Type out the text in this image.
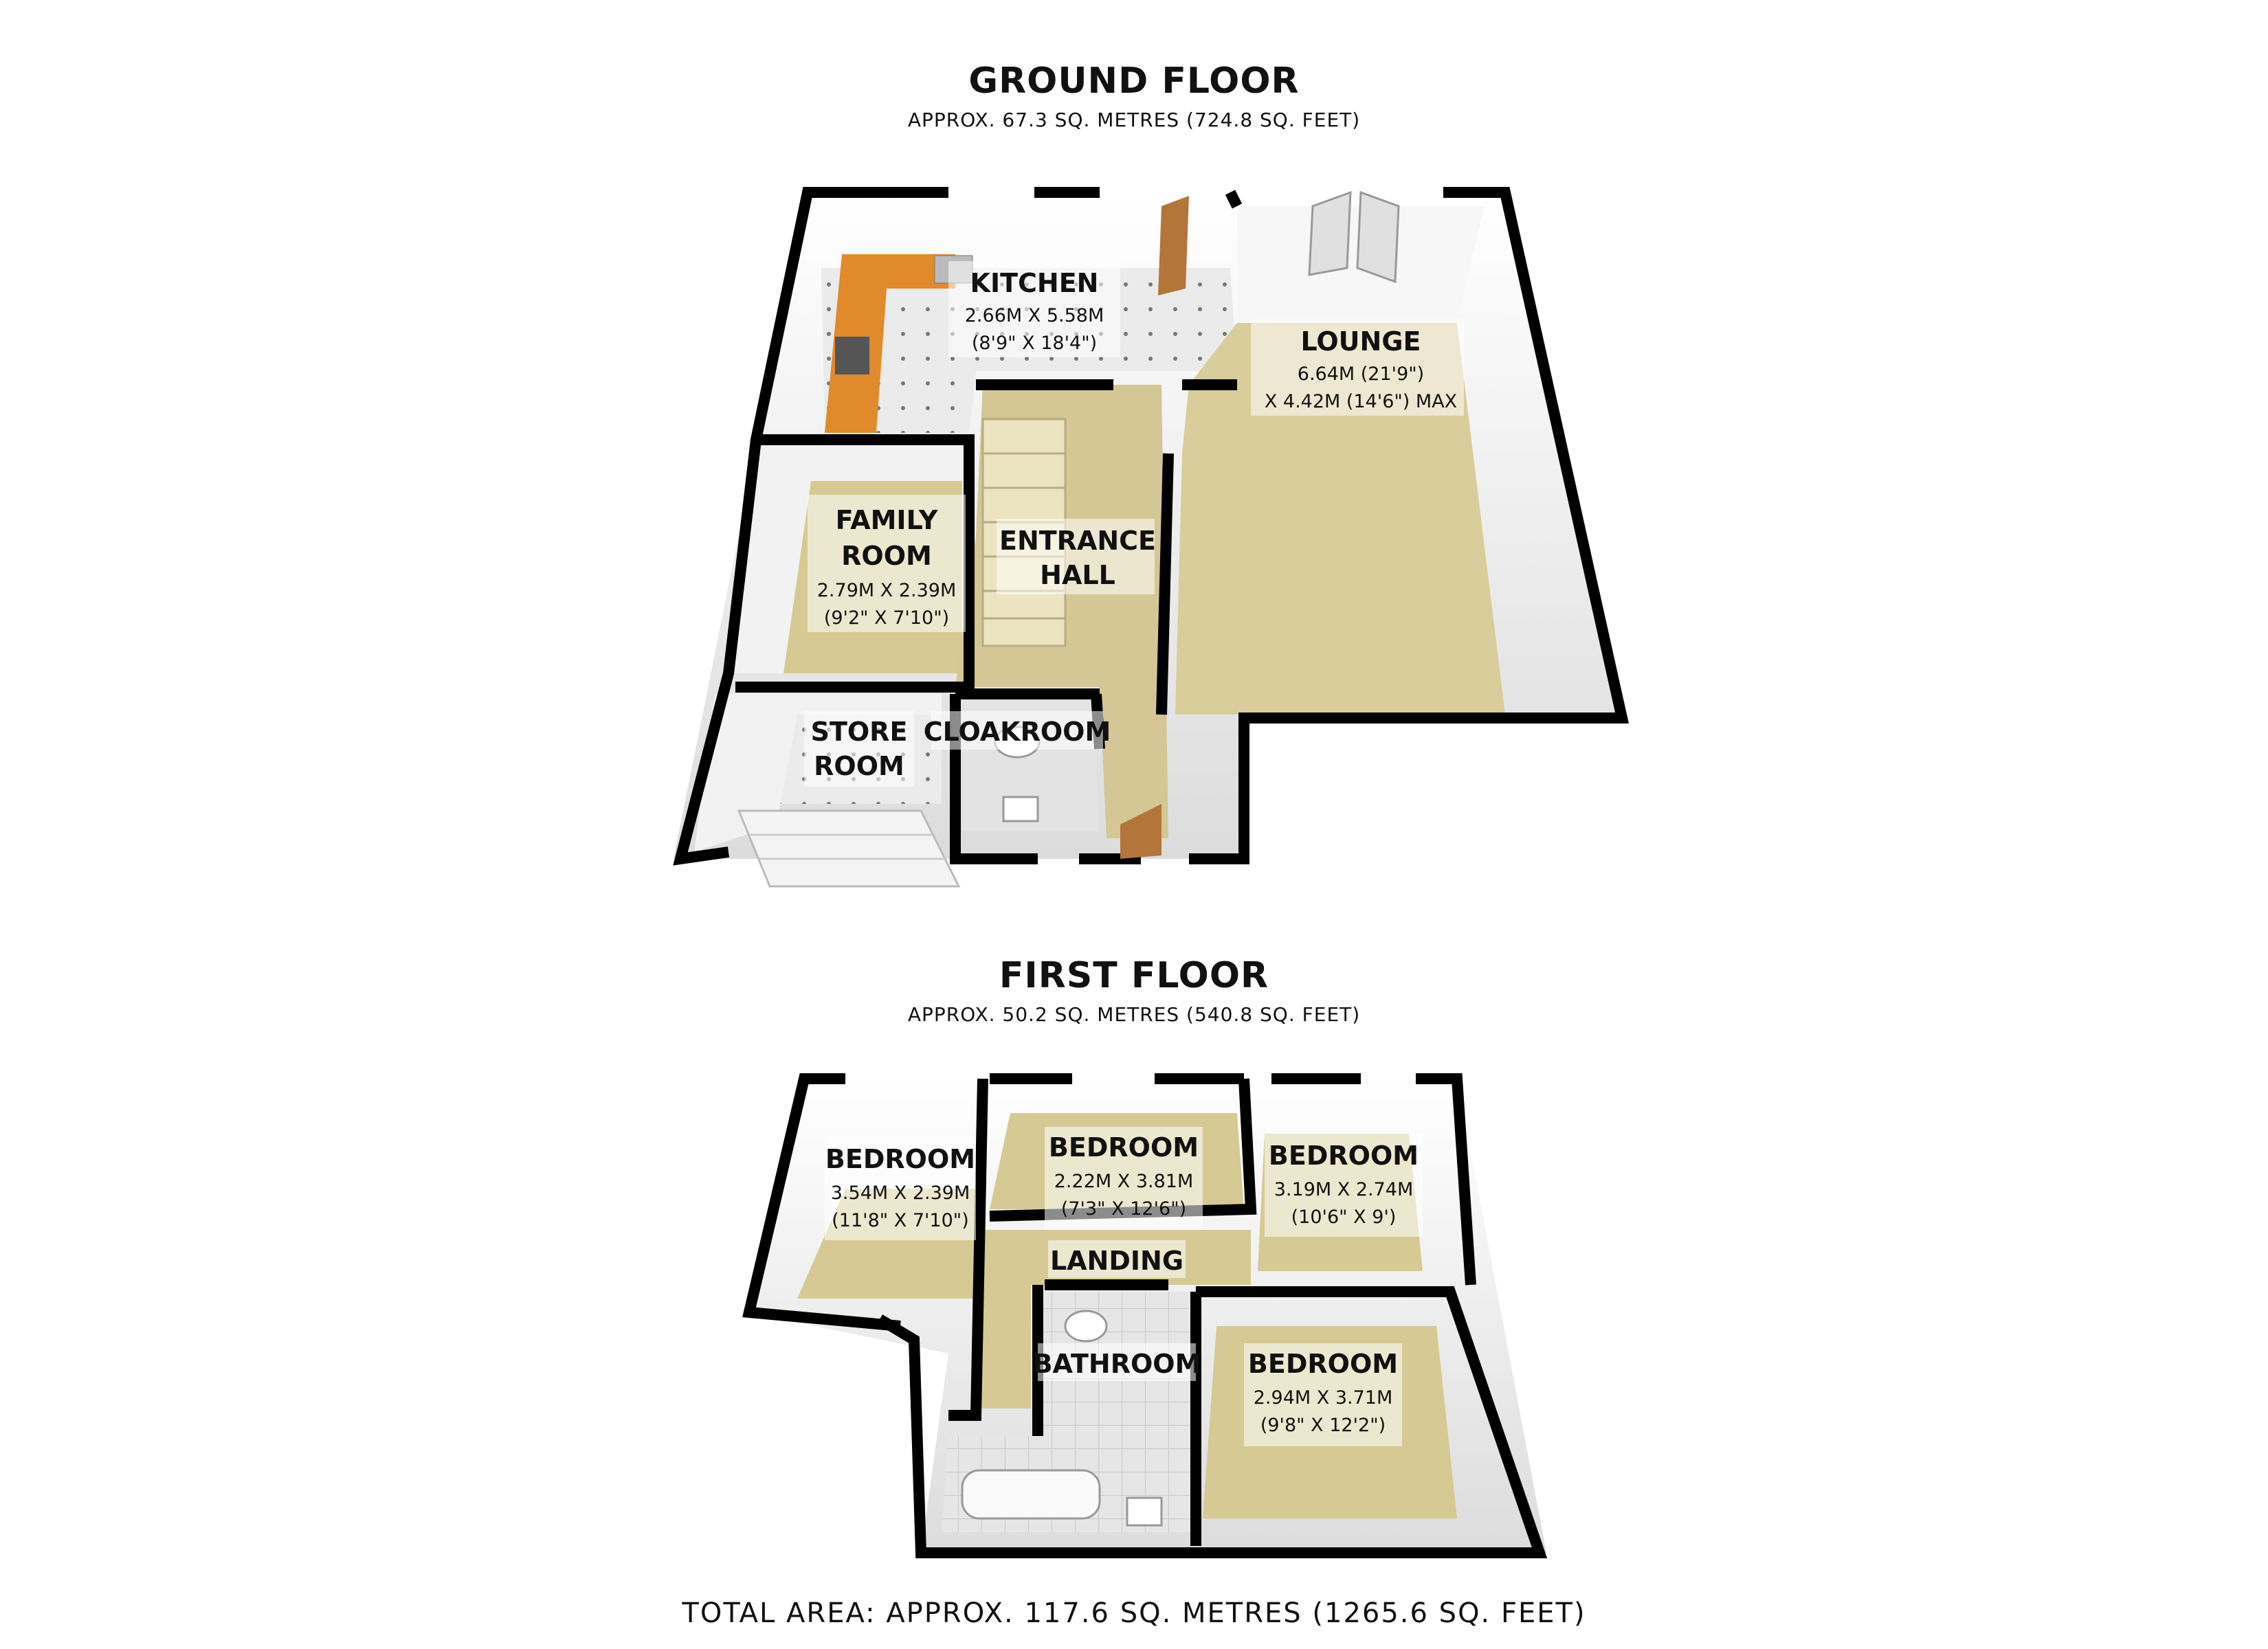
GROUND FLOOR
APPROX. 67.3 SQ. METRES (724.8 SQ. FEET)
FIRST FLOOR
APPROX. 50.2 SQ. METRES (540.8 SQ. FEET)
TOTAL AREA: APPROX. 117.6 SQ. METRES (1265.6 SQ. FEET)
KITCHEN
2.66M X 5.58M
(8'9" X 18'4")	LOUNGE
6.64M (21'9")
X 4.42M (14'6") MAX
FAMILY
ROOM
2.79M X 2.39M
(9'2" X 7'10")
ENTRANCE
HALL
STORE
ROOM
CLOAKROOM
BEDROOM
3.54M X 2.39M
(11'8" X 7'10")
BEDROOM
2.22M X 3.81M
(7'3" X 12'6")
BEDROOM
3.19M X 2.74M
(10'6" X 9')
LANDING
BATHROOM BEDROOM
2.94M X 3.71M
(9'8" X 12'2")
